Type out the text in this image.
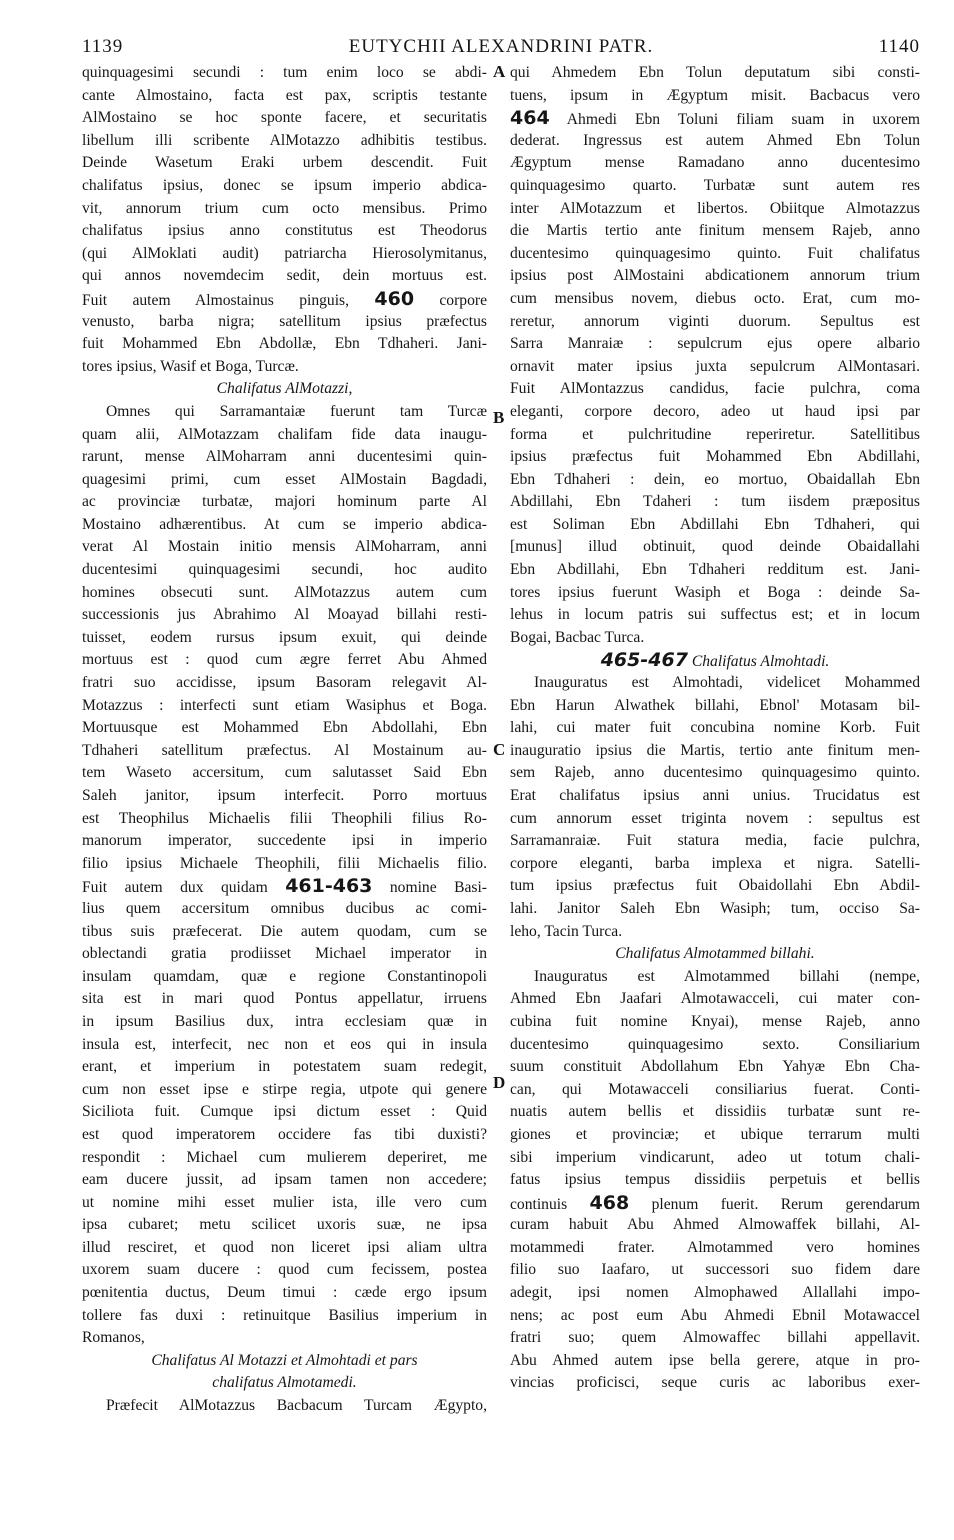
1139	EUTYCHII ALEXANDRINI PATR.	1140
A
B
C
D
quinquagesimi secundi : tum enim loco se abdi-
cante Almostaino, facta est pax, scriptis testante
AlMostaino se hoc sponte facere, et securitatis
libellum illi scribente AlMotazzo adhibitis testibus.
Deinde Wasetum Eraki urbem descendit. Fuit
chalifatus ipsius, donec se ipsum imperio abdica-
vit, annorum trium cum octo mensibus. Primo
chalifatus ipsius anno constitutus est Theodorus
(qui AlMoklati audit) patriarcha Hierosolymitanus,
qui annos novemdecim sedit, dein mortuus est.
Fuit autem Almostainus pinguis, 460 corpore
venusto, barba nigra; satellitum ipsius præfectus
fuit Mohammed Ebn Abdollæ, Ebn Tdhaheri. Jani-
tores ipsius, Wasif et Boga, Turcæ.
Chalifatus AlMotazzi,
Omnes qui Sarramantaiæ fuerunt tam Turcæ
quam alii, AlMotazzam chalifam fide data inaugu-
rarunt, mense AlMoharram anni ducentesimi quin-
quagesimi primi, cum esset AlMostain Bagdadi,
ac provinciæ turbatæ, majori hominum parte Al
Mostaino adhærentibus. At cum se imperio abdica-
verat Al Mostain initio mensis AlMoharram, anni
ducentesimi quinquagesimi secundi, hoc audito
homines obsecuti sunt. AlMotazzus autem cum
successionis jus Abrahimo Al Moayad billahi resti-
tuisset, eodem rursus ipsum exuit, qui deinde
mortuus est : quod cum ægre ferret Abu Ahmed
fratri suo accidisse, ipsum Basoram relegavit Al-
Motazzus : interfecti sunt etiam Wasiphus et Boga.
Mortuusque est Mohammed Ebn Abdollahi, Ebn
Tdhaheri satellitum præfectus. Al Mostainum au-
tem Waseto accersitum, cum salutasset Said Ebn
Saleh janitor, ipsum interfecit. Porro mortuus
est Theophilus Michaelis filii Theophili filius Ro-
manorum imperator, succedente ipsi in imperio
filio ipsius Michaele Theophili, filii Michaelis filio.
Fuit autem dux quidam 461-463 nomine Basi-
lius quem accersitum omnibus ducibus ac comi-
tibus suis præfecerat. Die autem quodam, cum se
oblectandi gratia prodiisset Michael imperator in
insulam quamdam, quæ e regione Constantinopoli
sita est in mari quod Pontus appellatur, irruens
in ipsum Basilius dux, intra ecclesiam quæ in
insula est, interfecit, nec non et eos qui in insula
erant, et imperium in potestatem suam redegit,
cum non esset ipse e stirpe regia, utpote qui genere
Siciliota fuit. Cumque ipsi dictum esset : Quid
est quod imperatorem occidere fas tibi duxisti?
respondit : Michael cum mulierem deperiret, me
eam ducere jussit, ad ipsam tamen non accedere;
ut nomine mihi esset mulier ista, ille vero cum
ipsa cubaret; metu scilicet uxoris suæ, ne ipsa
illud resciret, et quod non liceret ipsi aliam ultra
uxorem suam ducere : quod cum fecissem, postea
pœnitentia ductus, Deum timui : cæde ergo ipsum
tollere fas duxi : retinuitque Basilius imperium in
Romanos,
Chalifatus Al Motazzi et Almohtadi et pars
chalifatus Almotamedi.
Præfecit AlMotazzus Bacbacum Turcam Ægypto,
qui Ahmedem Ebn Tolun deputatum sibi consti-
tuens, ipsum in Ægyptum misit. Bacbacus vero
464 Ahmedi Ebn Toluni filiam suam in uxorem
dederat. Ingressus est autem Ahmed Ebn Tolun
Ægyptum mense Ramadano anno ducentesimo
quinquagesimo quarto. Turbatæ sunt autem res
inter AlMotazzum et libertos. Obiitque Almotazzus
die Martis tertio ante finitum mensem Rajeb, anno
ducentesimo quinquagesimo quinto. Fuit chalifatus
ipsius post AlMostaini abdicationem annorum trium
cum mensibus novem, diebus octo. Erat, cum mo-
reretur, annorum viginti duorum. Sepultus est
Sarra Manraiæ : sepulcrum ejus opere albario
ornavit mater ipsius juxta sepulcrum AlMontasari.
Fuit AlMontazzus candidus, facie pulchra, coma
eleganti, corpore decoro, adeo ut haud ipsi par
forma et pulchritudine reperiretur. Satellitibus
ipsius præfectus fuit Mohammed Ebn Abdillahi,
Ebn Tdhaheri : dein, eo mortuo, Obaidallah Ebn
Abdillahi, Ebn Tdaheri : tum iisdem præpositus
est Soliman Ebn Abdillahi Ebn Tdhaheri, qui
[munus] illud obtinuit, quod deinde Obaidallahi
Ebn Abdillahi, Ebn Tdhaheri redditum est. Jani-
tores ipsius fuerunt Wasiph et Boga : deinde Sa-
lehus in locum patris sui suffectus est; et in locum
Bogai, Bacbac Turca.
465-467 Chalifatus Almohtadi.
Inauguratus est Almohtadi, videlicet Mohammed
Ebn Harun Alwathek billahi, Ebnol' Motasam bil-
lahi, cui mater fuit concubina nomine Korb. Fuit
inauguratio ipsius die Martis, tertio ante finitum men-
sem Rajeb, anno ducentesimo quinquagesimo quinto.
Erat chalifatus ipsius anni unius. Trucidatus est
cum annorum esset triginta novem : sepultus est
Sarramanraiæ. Fuit statura media, facie pulchra,
corpore eleganti, barba implexa et nigra. Satelli-
tum ipsius præfectus fuit Obaidollahi Ebn Abdil-
lahi. Janitor Saleh Ebn Wasiph; tum, occiso Sa-
leho, Tacin Turca.
Chalifatus Almotammed billahi.
Inauguratus est Almotammed billahi (nempe,
Ahmed Ebn Jaafari Almotawacceli, cui mater con-
cubina fuit nomine Knyai), mense Rajeb, anno
ducentesimo quinquagesimo sexto. Consiliarium
suum constituit Abdollahum Ebn Yahyæ Ebn Cha-
can, qui Motawacceli consiliarius fuerat. Conti-
nuatis autem bellis et dissidiis turbatæ sunt re-
giones et provinciæ; et ubique terrarum multi
sibi imperium vindicarunt, adeo ut totum chali-
fatus ipsius tempus dissidiis perpetuis et bellis
continuis 468 plenum fuerit. Rerum gerendarum
curam habuit Abu Ahmed Almowaffek billahi, Al-
motammedi frater. Almotammed vero homines
filio suo Iaafaro, ut successori suo fidem dare
adegit, ipsi nomen Almophawed Allallahi impo-
nens; ac post eum Abu Ahmedi Ebnil Motawaccel
fratri suo; quem Almowaffec billahi appellavit.
Abu Ahmed autem ipse bella gerere, atque in pro-
vincias proficisci, seque curis ac laboribus exer-
